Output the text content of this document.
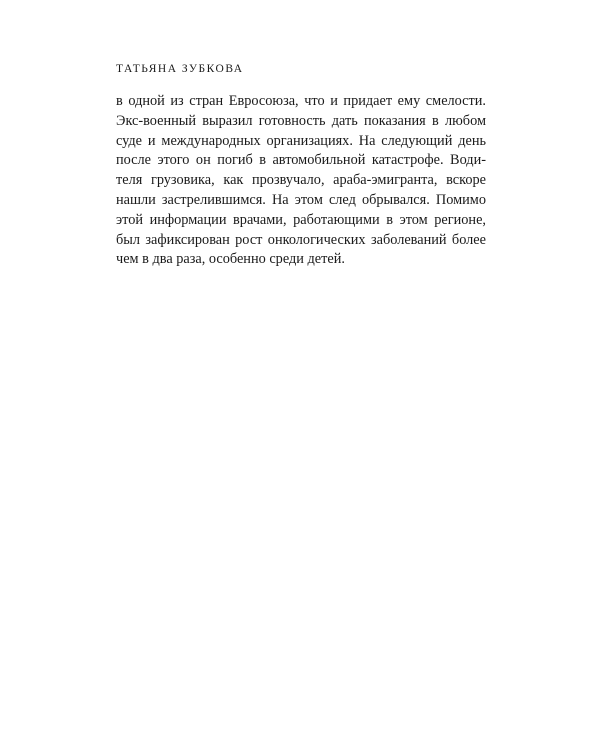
ТАТЬЯНА ЗУБКОВА
в одной из стран Евросоюза, что и придает ему смелости.
Экс-военный выразил готовность дать показания в любом
суде и международных организациях. На следующий день
после этого он погиб в автомобильной катастрофе. Води-
теля грузовика, как прозвучало, араба-эмигранта, вскоре
нашли застрелившимся. На этом след обрывался. Помимо
этой информации врачами, работающими в этом регионе,
был зафиксирован рост онкологических заболеваний более
чем в два раза, особенно среди детей.
